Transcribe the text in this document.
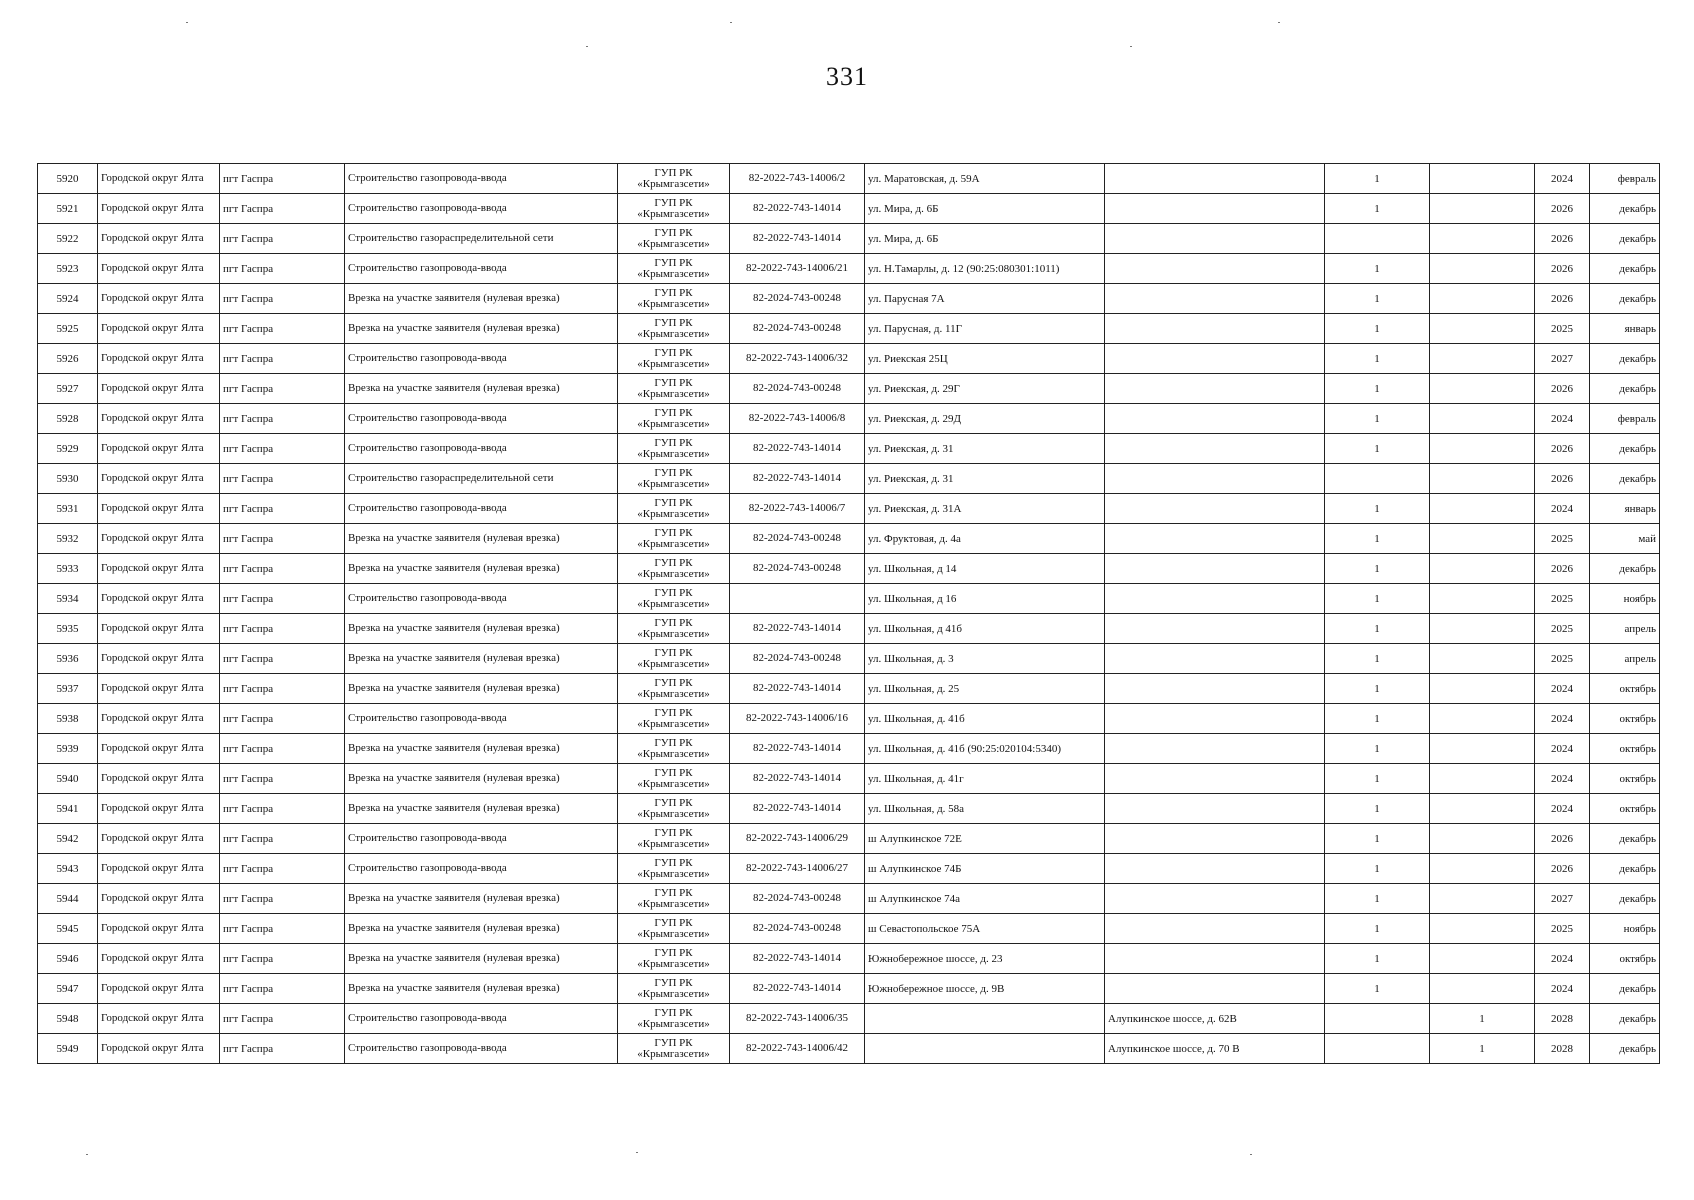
331
5920	Городской округ Ялта	пгт Гаспра	Строительство газопровода-ввода	ГУП РК «Крымгазсети»	82-2022-743-14006/2	ул. Маратовская, д. 59А		1		2024	февраль
5921	Городской округ Ялта	пгт Гаспра	Строительство газопровода-ввода	ГУП РК «Крымгазсети»	82-2022-743-14014	ул. Мира, д. 6Б		1		2026	декабрь
5922	Городской округ Ялта	пгт Гаспра	Строительство газораспределительной сети	ГУП РК «Крымгазсети»	82-2022-743-14014	ул. Мира, д. 6Б				2026	декабрь
5923	Городской округ Ялта	пгт Гаспра	Строительство газопровода-ввода	ГУП РК «Крымгазсети»	82-2022-743-14006/21	ул. Н.Тамарлы, д. 12 (90:25:080301:1011)		1		2026	декабрь
5924	Городской округ Ялта	пгт Гаспра	Врезка на участке заявителя (нулевая врезка)	ГУП РК «Крымгазсети»	82-2024-743-00248	ул. Парусная 7А		1		2026	декабрь
5925	Городской округ Ялта	пгт Гаспра	Врезка на участке заявителя (нулевая врезка)	ГУП РК «Крымгазсети»	82-2024-743-00248	ул. Парусная, д. 11Г		1		2025	январь
5926	Городской округ Ялта	пгт Гаспра	Строительство газопровода-ввода	ГУП РК «Крымгазсети»	82-2022-743-14006/32	ул. Риекская 25Ц		1		2027	декабрь
5927	Городской округ Ялта	пгт Гаспра	Врезка на участке заявителя (нулевая врезка)	ГУП РК «Крымгазсети»	82-2024-743-00248	ул. Риекская, д. 29Г		1		2026	декабрь
5928	Городской округ Ялта	пгт Гаспра	Строительство газопровода-ввода	ГУП РК «Крымгазсети»	82-2022-743-14006/8	ул. Риекская, д. 29Д		1		2024	февраль
5929	Городской округ Ялта	пгт Гаспра	Строительство газопровода-ввода	ГУП РК «Крымгазсети»	82-2022-743-14014	ул. Риекская, д. 31		1		2026	декабрь
5930	Городской округ Ялта	пгт Гаспра	Строительство газораспределительной сети	ГУП РК «Крымгазсети»	82-2022-743-14014	ул. Риекская, д. 31				2026	декабрь
5931	Городской округ Ялта	пгт Гаспра	Строительство газопровода-ввода	ГУП РК «Крымгазсети»	82-2022-743-14006/7	ул. Риекская, д. 31А		1		2024	январь
5932	Городской округ Ялта	пгт Гаспра	Врезка на участке заявителя (нулевая врезка)	ГУП РК «Крымгазсети»	82-2024-743-00248	ул. Фруктовая, д. 4а		1		2025	май
5933	Городской округ Ялта	пгт Гаспра	Врезка на участке заявителя (нулевая врезка)	ГУП РК «Крымгазсети»	82-2024-743-00248	ул. Школьная, д 14		1		2026	декабрь
5934	Городской округ Ялта	пгт Гаспра	Строительство газопровода-ввода	ГУП РК «Крымгазсети»		ул. Школьная, д 16		1		2025	ноябрь
5935	Городской округ Ялта	пгт Гаспра	Врезка на участке заявителя (нулевая врезка)	ГУП РК «Крымгазсети»	82-2022-743-14014	ул. Школьная, д 41б		1		2025	апрель
5936	Городской округ Ялта	пгт Гаспра	Врезка на участке заявителя (нулевая врезка)	ГУП РК «Крымгазсети»	82-2024-743-00248	ул. Школьная, д. 3		1		2025	апрель
5937	Городской округ Ялта	пгт Гаспра	Врезка на участке заявителя (нулевая врезка)	ГУП РК «Крымгазсети»	82-2022-743-14014	ул. Школьная, д. 25		1		2024	октябрь
5938	Городской округ Ялта	пгт Гаспра	Строительство газопровода-ввода	ГУП РК «Крымгазсети»	82-2022-743-14006/16	ул. Школьная, д. 41б		1		2024	октябрь
5939	Городской округ Ялта	пгт Гаспра	Врезка на участке заявителя (нулевая врезка)	ГУП РК «Крымгазсети»	82-2022-743-14014	ул. Школьная, д. 41б (90:25:020104:5340)		1		2024	октябрь
5940	Городской округ Ялта	пгт Гаспра	Врезка на участке заявителя (нулевая врезка)	ГУП РК «Крымгазсети»	82-2022-743-14014	ул. Школьная, д. 41г		1		2024	октябрь
5941	Городской округ Ялта	пгт Гаспра	Врезка на участке заявителя (нулевая врезка)	ГУП РК «Крымгазсети»	82-2022-743-14014	ул. Школьная, д. 58а		1		2024	октябрь
5942	Городской округ Ялта	пгт Гаспра	Строительство газопровода-ввода	ГУП РК «Крымгазсети»	82-2022-743-14006/29	ш Алупкинское 72Е		1		2026	декабрь
5943	Городской округ Ялта	пгт Гаспра	Строительство газопровода-ввода	ГУП РК «Крымгазсети»	82-2022-743-14006/27	ш Алупкинское 74Б		1		2026	декабрь
5944	Городской округ Ялта	пгт Гаспра	Врезка на участке заявителя (нулевая врезка)	ГУП РК «Крымгазсети»	82-2024-743-00248	ш Алупкинское 74а		1		2027	декабрь
5945	Городской округ Ялта	пгт Гаспра	Врезка на участке заявителя (нулевая врезка)	ГУП РК «Крымгазсети»	82-2024-743-00248	ш Севастопольское 75А		1		2025	ноябрь
5946	Городской округ Ялта	пгт Гаспра	Врезка на участке заявителя (нулевая врезка)	ГУП РК «Крымгазсети»	82-2022-743-14014	Южнобережное шоссе, д. 23		1		2024	октябрь
5947	Городской округ Ялта	пгт Гаспра	Врезка на участке заявителя (нулевая врезка)	ГУП РК «Крымгазсети»	82-2022-743-14014	Южнобережное шоссе, д. 9В		1		2024	декабрь
5948	Городской округ Ялта	пгт Гаспра	Строительство газопровода-ввода	ГУП РК «Крымгазсети»	82-2022-743-14006/35		Алупкинское шоссе, д. 62В		1	2028	декабрь
5949	Городской округ Ялта	пгт Гаспра	Строительство газопровода-ввода	ГУП РК «Крымгазсети»	82-2022-743-14006/42		Алупкинское шоссе, д. 70 В		1	2028	декабрь
